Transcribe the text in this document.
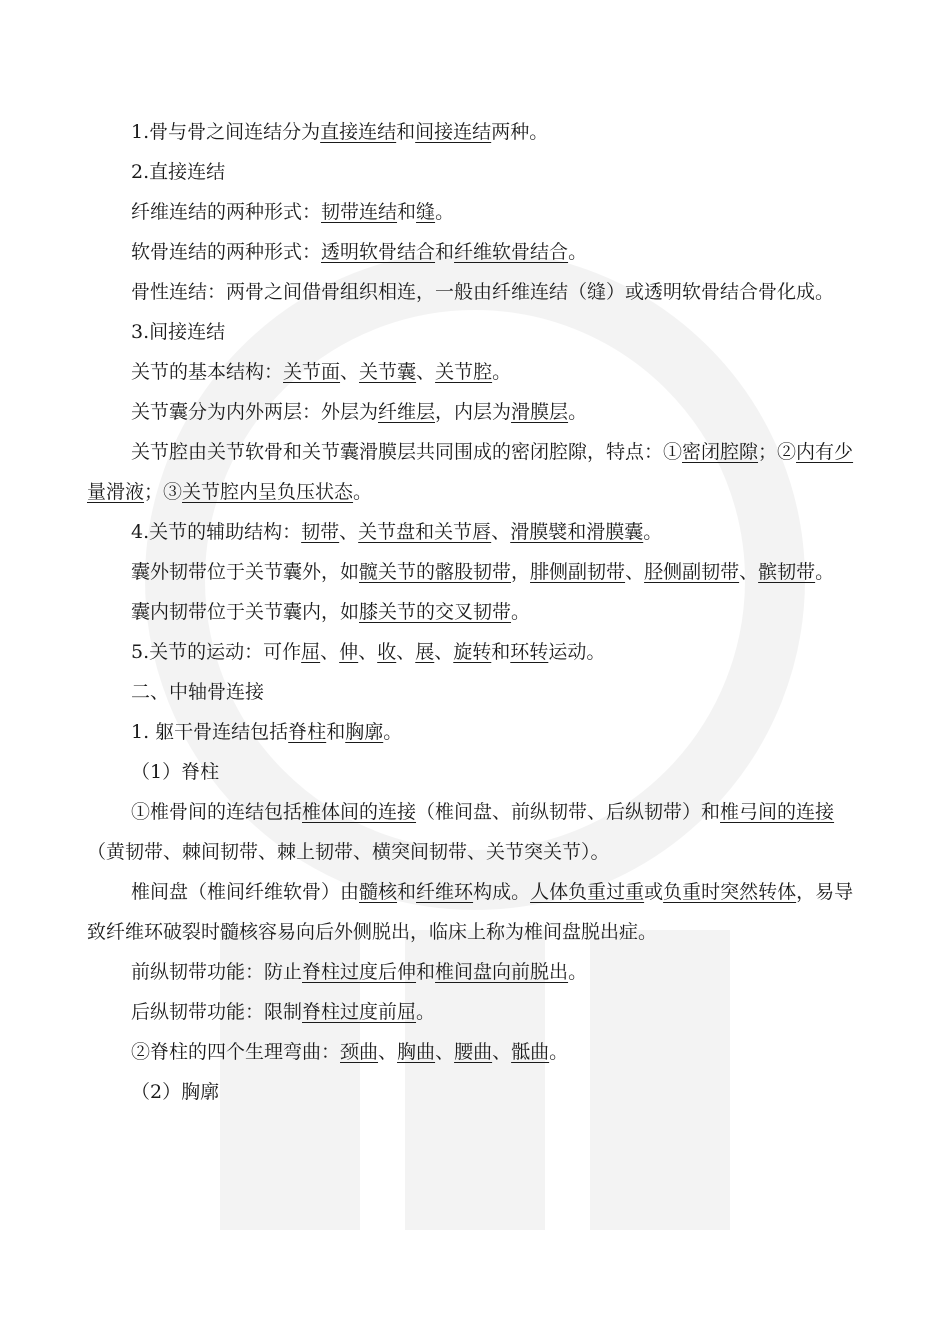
1.骨与骨之间连结分为直接连结和间接连结两种。

2.直接连结

纤维连结的两种形式：韧带连结和缝。

软骨连结的两种形式：透明软骨结合和纤维软骨结合。

骨性连结：两骨之间借骨组织相连，一般由纤维连结（缝）或透明软骨结合骨化成。

3.间接连结

关节的基本结构：关节面、关节囊、关节腔。

关节囊分为内外两层：外层为纤维层，内层为滑膜层。

关节腔由关节软骨和关节囊滑膜层共同围成的密闭腔隙，特点：①密闭腔隙；②内有少量滑液；③关节腔内呈负压状态。

4.关节的辅助结构：韧带、关节盘和关节唇、滑膜襞和滑膜囊。

囊外韧带位于关节囊外，如髋关节的髂股韧带，腓侧副韧带、胫侧副韧带、髌韧带。

囊内韧带位于关节囊内，如膝关节的交叉韧带。

5.关节的运动：可作屈、伸、收、展、旋转和环转运动。

二、中轴骨连接

1. 躯干骨连结包括脊柱和胸廓。

（1）脊柱

①椎骨间的连结包括椎体间的连接（椎间盘、前纵韧带、后纵韧带）和椎弓间的连接（黄韧带、棘间韧带、棘上韧带、横突间韧带、关节突关节）。

椎间盘（椎间纤维软骨）由髓核和纤维环构成。人体负重过重或负重时突然转体，易导致纤维环破裂时髓核容易向后外侧脱出，临床上称为椎间盘脱出症。

前纵韧带功能：防止脊柱过度后伸和椎间盘向前脱出。

后纵韧带功能：限制脊柱过度前屈。

②脊柱的四个生理弯曲：颈曲、胸曲、腰曲、骶曲。

（2）胸廓
